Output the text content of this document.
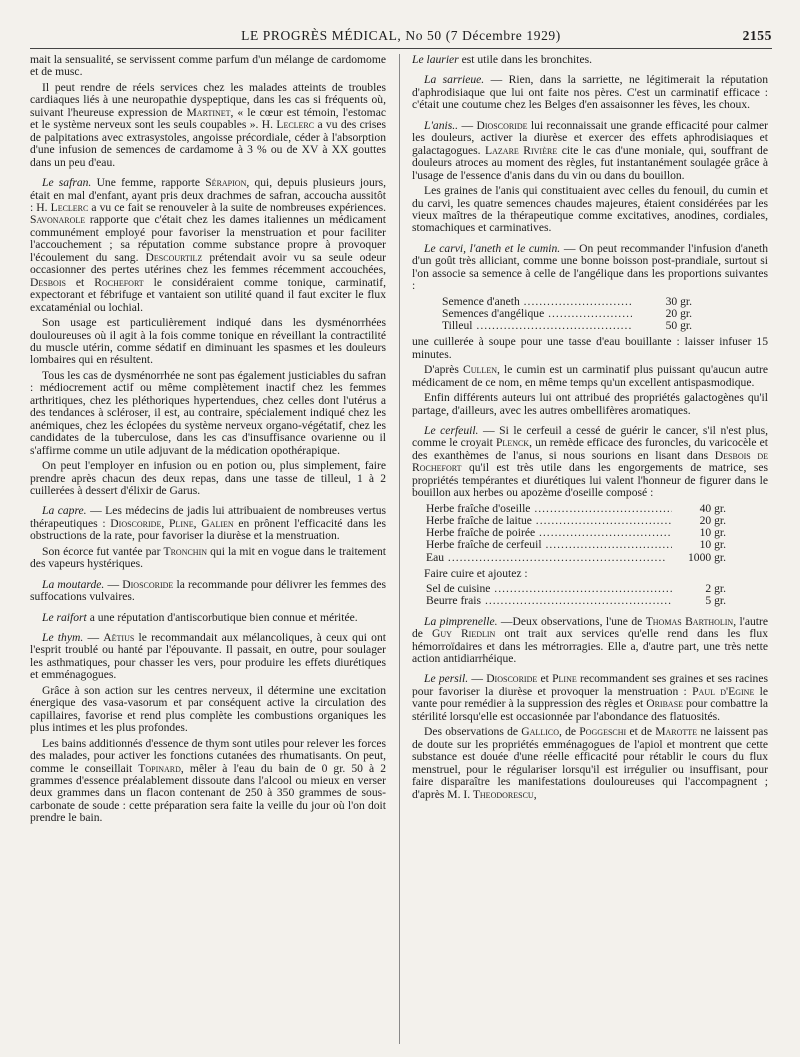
LE PROGRÈS MÉDICAL, No 50 (7 Décembre 1929)	2155

mait la sensualité, se servissent comme parfum d'un mélange de cardomome et de musc.

Il peut rendre de réels services chez les malades atteints de troubles cardiaques liés à une neuropathie dyspeptique, dans les cas si fréquents où, suivant l'heureuse expression de Martinet, « le cœur est témoin, l'estomac et le système nerveux sont les seuls coupables ». H. Leclerc a vu des crises de palpitations avec extrasystoles, angoisse précordiale, céder à l'absorption d'une infusion de semences de cardamome à 3 % ou de XV à XX gouttes dans un peu d'eau.

Le safran. Une femme, rapporte Sérapion, qui, depuis plusieurs jours, était en mal d'enfant, ayant pris deux drachmes de safran, accoucha aussitôt : H. Leclerc a vu ce fait se renouveler à la suite de nombreuses expériences. Savonarole rapporte que c'était chez les dames italiennes un médicament communément employé pour favoriser la menstruation et pour faciliter l'accouchement ; sa réputation comme substance propre à provoquer l'écoulement du sang. Descourtilz prétendait avoir vu sa seule odeur occasionner des pertes utérines chez les femmes récemment accouchées, Desbois et Rochefort le considéraient comme tonique, carminatif, expectorant et fébrifuge et vantaient son utilité quand il faut exciter le flux excataménial ou lochial.

Son usage est particulièrement indiqué dans les dysménorrhées douloureuses où il agit à la fois comme tonique en réveillant la contractilité du muscle utérin, comme sédatif en diminuant les spasmes et les douleurs lombaires qui en résultent.

Tous les cas de dysménorrhée ne sont pas également justiciables du safran : médiocrement actif ou même complètement inactif chez les femmes arthritiques, chez les pléthoriques hypertendues, chez celles dont l'utérus a des tendances à scléroser, il est, au contraire, spécialement indiqué chez les anémiques, chez les éclopées du système nerveux organo-végétatif, chez les candidates de la tuberculose, dans les cas d'insuffisance ovarienne ou il s'affirme comme un utile adjuvant de la médication opothérapique.

On peut l'employer en infusion ou en potion ou, plus simplement, faire prendre après chacun des deux repas, dans une tasse de tilleul, 1 à 2 cuillerées à dessert d'élixir de Garus.

La capre. — Les médecins de jadis lui attribuaient de nombreuses vertus thérapeutiques : Dioscoride, Pline, Galien en prônent l'efficacité dans les obstructions de la rate, pour favoriser la diurèse et la menstruation.

Son écorce fut vantée par Tronchin qui la mit en vogue dans le traitement des vapeurs hystériques.

La moutarde. — Dioscoride la recommande pour délivrer les femmes des suffocations vulvaires.

Le raifort a une réputation d'antiscorbutique bien connue et méritée.

Le thym. — Aëtius le recommandait aux mélancoliques, à ceux qui ont l'esprit troublé ou hanté par l'épouvante. Il passait, en outre, pour soulager les asthmatiques, pour chasser les vers, pour produire les effets diurétiques et emménagogues.

Grâce à son action sur les centres nerveux, il détermine une excitation énergique des vasa-vasorum et par conséquent active la circulation des capillaires, favorise et rend plus complète les combustions organiques les plus intimes et les plus profondes.

Les bains additionnés d'essence de thym sont utiles pour relever les forces des malades, pour activer les fonctions cutanées des rhumatisants. On peut, comme le conseillait Topinard, mêler à l'eau du bain de 0 gr. 50 à 2 grammes d'essence préalablement dissoute dans l'alcool ou mieux en verser deux grammes dans un flacon contenant de 250 à 350 grammes de sous-carbonate de soude : cette préparation sera faite la veille du jour où l'on doit prendre le bain.

Le laurier est utile dans les bronchites.

La sarrieue. — Rien, dans la sarriette, ne légitimerait la réputation d'aphrodisiaque que lui ont faite nos pères. C'est un carminatif efficace : c'était une coutume chez les Belges d'en assaisonner les fèves, les choux.

L'anis.. — Dioscoride lui reconnaissait une grande efficacité pour calmer les douleurs, activer la diurèse et exercer des effets aphrodisiaques et galactagogues. Lazare Rivière cite le cas d'une moniale, qui, souffrant de douleurs atroces au moment des règles, fut instantanément soulagée grâce à l'usage de l'essence d'anis dans du vin ou dans du bouillon.

Les graines de l'anis qui constituaient avec celles du fenouil, du cumin et du carvi, les quatre semences chaudes majeures, étaient considérées par les vieux maîtres de la thérapeutique comme excitatives, anodines, cordiales, stomachiques et carminatives.

Le carvi, l'aneth et le cumin. — On peut recommander l'infusion d'aneth d'un goût très alliciant, comme une bonne boisson post-prandiale, surtout si l'on associe sa semence à celle de l'angélique dans les proportions suivantes :

Semence d'aneth .....	30 gr.
Semences d'angélique .....	20 gr.
Tilleul .....	50 gr.

une cuillerée à soupe pour une tasse d'eau bouillante : laisser infuser 15 minutes.

D'après Cullen, le cumin est un carminatif plus puissant qu'aucun autre médicament de ce nom, en même temps qu'un excellent antispasmodique.

Enfin différents auteurs lui ont attribué des propriétés galactogènes qu'il partage, d'ailleurs, avec les autres ombellifères aromatiques.

Le cerfeuil. — Si le cerfeuil a cessé de guérir le cancer, s'il n'est plus, comme le croyait Plenck, un remède efficace des furoncles, du varicocèle et des exanthèmes de l'anus, si nous sourions en lisant dans Desbois de Rochefort qu'il est très utile dans les engorgements de matrice, ses propriétés tempérantes et diurétiques lui valent l'honneur de figurer dans le bouillon aux herbes ou apozème d'oseille composé :

Herbe fraîche d'oseille .....	40 gr.
Herbe fraîche de laitue .....	20 gr.
Herbe fraîche de poirée .....	10 gr.
Herbe fraîche de cerfeuil .....	10 gr.
Eau .....	1000 gr.

Faire cuire et ajoutez :

Sel de cuisine .....	2 gr.
Beurre frais .....	5 gr.

La pimprenelle. —Deux observations, l'une de Thomas Bartholin, l'autre de Guy Riedlin ont trait aux services qu'elle rend dans les flux hémorroïdaires et dans les métrorragies. Elle a, d'autre part, une très nette action antidiarrhéique.

Le persil. — Dioscoride et Pline recommandent ses graines et ses racines pour favoriser la diurèse et provoquer la menstruation : Paul d'Egine le vante pour remédier à la suppression des règles et Oribase pour combattre la stérilité lorsqu'elle est occasionnée par l'abondance des flatuosités.

Des observations de Gallico, de Poggeschi et de Marotte ne laissent pas de doute sur les propriétés emménagogues de l'apiol et montrent que cette substance est douée d'une réelle efficacité pour rétablir le cours du flux menstruel, pour le régulariser lorsqu'il est irrégulier ou insuffisant, pour faire disparaître les manifestations douloureuses qui l'accompagnent ; d'après M. I. Theodorescu,
